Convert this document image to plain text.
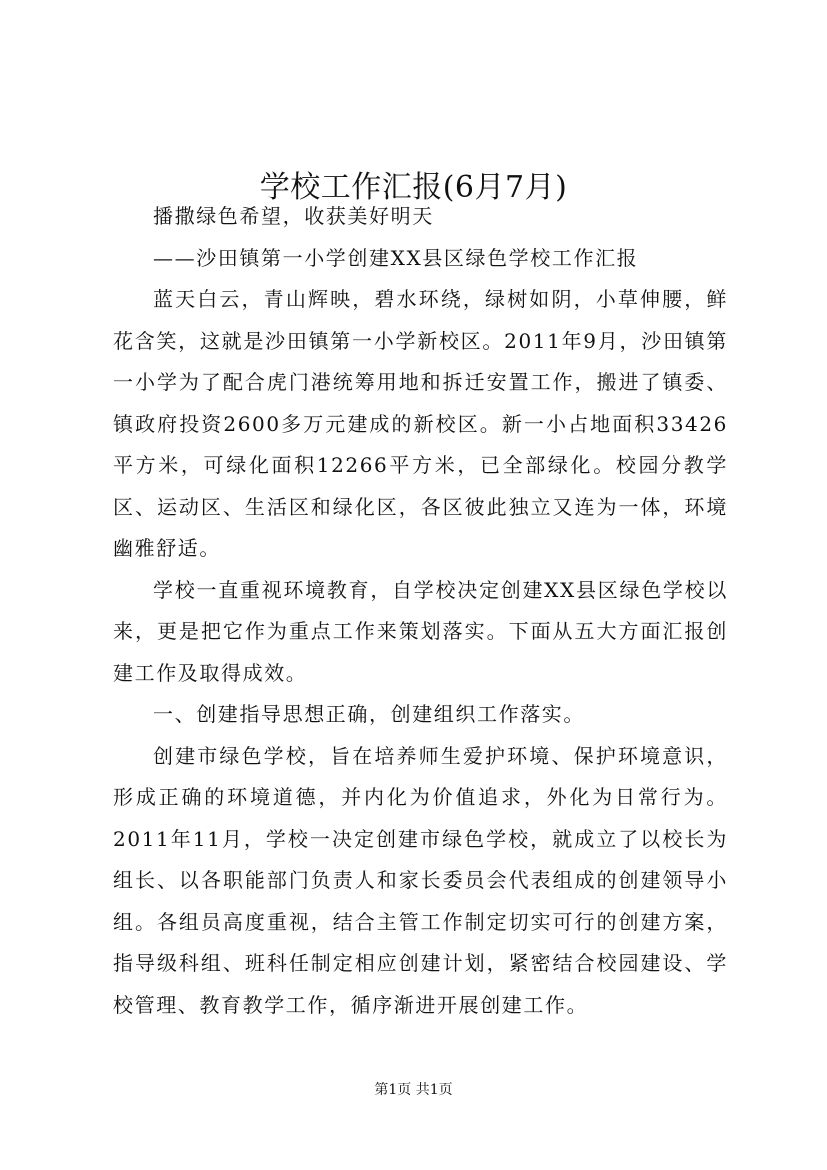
学校工作汇报(6月7月)

播撒绿色希望，收获美好明天

——沙田镇第一小学创建XX县区绿色学校工作汇报

蓝天白云，青山辉映，碧水环绕，绿树如阴，小草伸腰，鲜花含笑，这就是沙田镇第一小学新校区。2011年9月，沙田镇第一小学为了配合虎门港统筹用地和拆迁安置工作，搬进了镇委、镇政府投资2600多万元建成的新校区。新一小占地面积33426平方米，可绿化面积12266平方米，已全部绿化。校园分教学区、运动区、生活区和绿化区，各区彼此独立又连为一体，环境幽雅舒适。

学校一直重视环境教育，自学校决定创建XX县区绿色学校以来，更是把它作为重点工作来策划落实。下面从五大方面汇报创建工作及取得成效。

一、创建指导思想正确，创建组织工作落实。

创建市绿色学校，旨在培养师生爱护环境、保护环境意识，形成正确的环境道德，并内化为价值追求，外化为日常行为。2011年11月，学校一决定创建市绿色学校，就成立了以校长为组长、以各职能部门负责人和家长委员会代表组成的创建领导小组。各组员高度重视，结合主管工作制定切实可行的创建方案，指导级科组、班科任制定相应创建计划，紧密结合校园建设、学校管理、教育教学工作，循序渐进开展创建工作。

第1页 共1页
